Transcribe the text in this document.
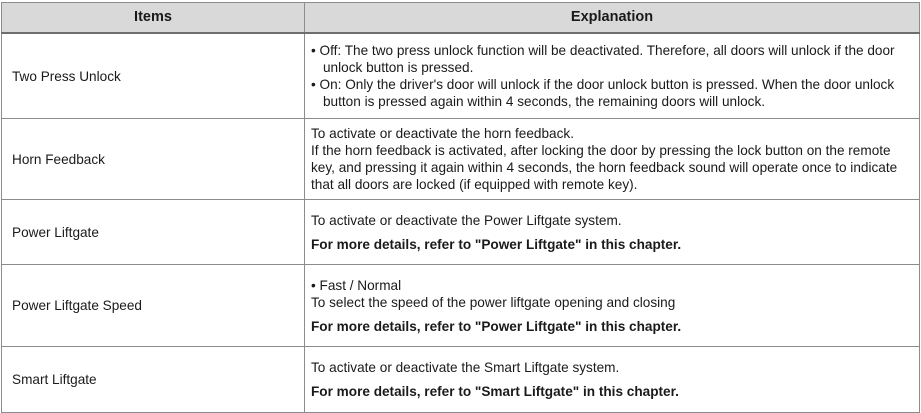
Items	Explanation
Two Press Unlock	• Off: The two press unlock function will be deactivated. Therefore, all doors will unlock if the door unlock button is pressed.

• On: Only the driver's door will unlock if the door unlock button is pressed. When the door unlock button is pressed again within 4 seconds, the remaining doors will unlock.

Horn Feedback	To activate or deactivate the horn feedback.

If the horn feedback is activated, after locking the door by pressing the lock button on the remote key, and pressing it again within 4 seconds, the horn feedback sound will operate once to indicate that all doors are locked (if equipped with remote key).

Power Liftgate	To activate or deactivate the Power Liftgate system.

For more details, refer to "Power Liftgate" in this chapter.

Power Liftgate Speed	• Fast / Normal

To select the speed of the power liftgate opening and closing

For more details, refer to "Power Liftgate" in this chapter.

Smart Liftgate	To activate or deactivate the Smart Liftgate system.

For more details, refer to "Smart Liftgate" in this chapter.
